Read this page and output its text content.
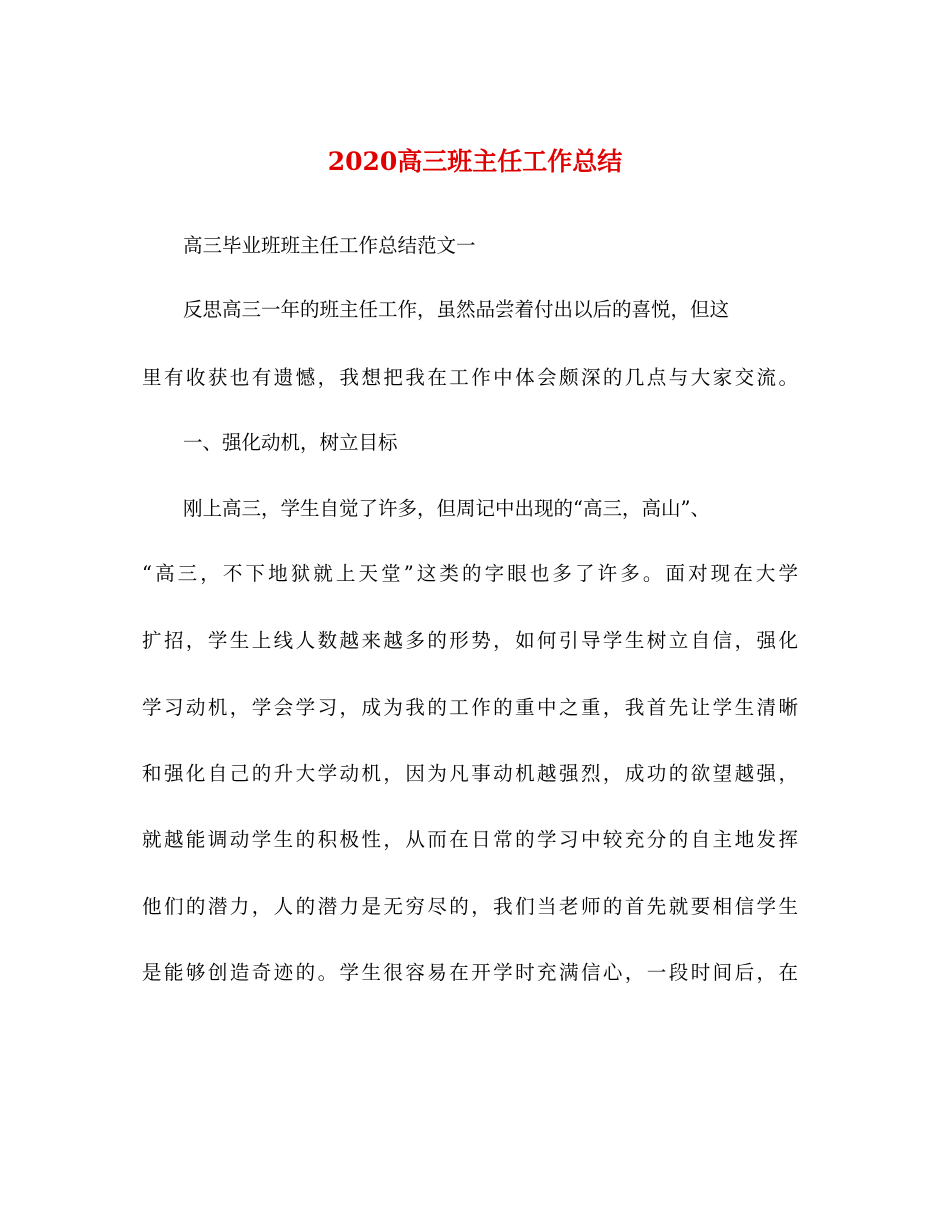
2020高三班主任工作总结
高三毕业班班主任工作总结范文一
反思高三一年的班主任工作，虽然品尝着付出以后的喜悦，但这
里有收获也有遗憾，我想把我在工作中体会颇深的几点与大家交流。
一、强化动机，树立目标
刚上高三，学生自觉了许多，但周记中出现的“高三，高山”、
“高三，不下地狱就上天堂”这类的字眼也多了许多。面对现在大学
扩招，学生上线人数越来越多的形势，如何引导学生树立自信，强化
学习动机，学会学习，成为我的工作的重中之重，我首先让学生清晰
和强化自己的升大学动机，因为凡事动机越强烈，成功的欲望越强，
就越能调动学生的积极性，从而在日常的学习中较充分的自主地发挥
他们的潜力，人的潜力是无穷尽的，我们当老师的首先就要相信学生
是能够创造奇迹的。学生很容易在开学时充满信心，一段时间后，在
